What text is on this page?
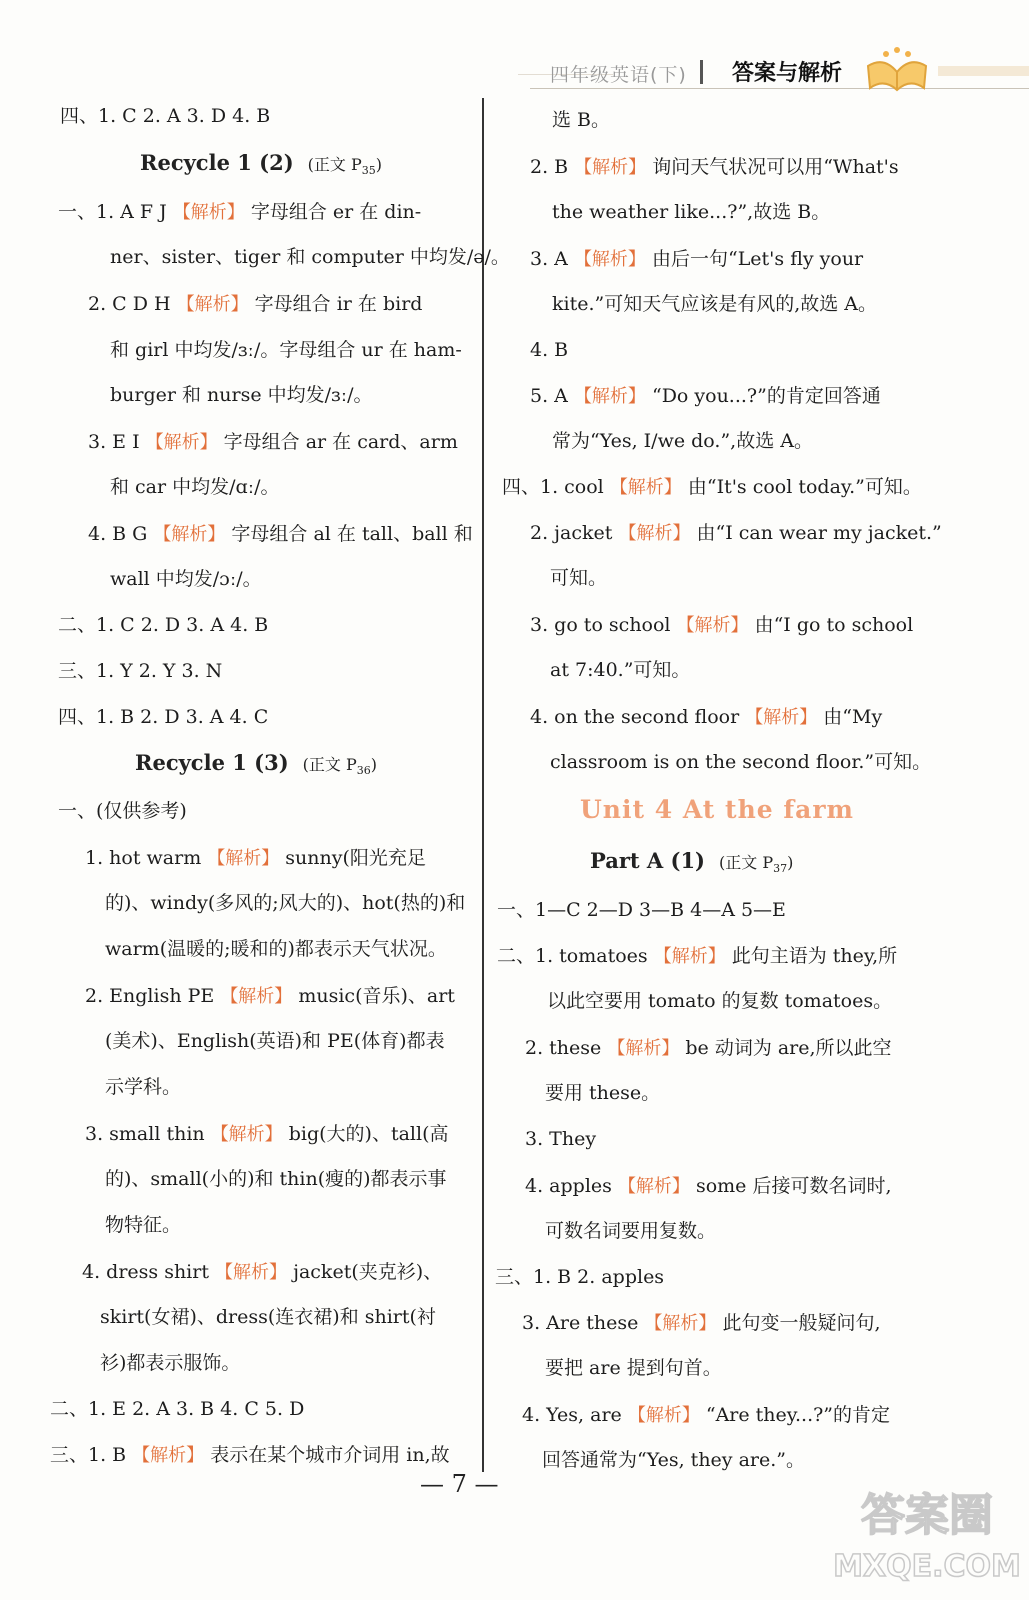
四年级英语(下) 答案与解析
四、1. C 2. A 3. D 4. B
Recycle 1 (2) (正文 $P_{35}$)
一、1. A F J 【解析】 字母组合 er 在 din-
ner、sister、tiger 和 computer 中均发/ə/。
2. C D H 【解析】 字母组合 ir 在 bird
和 girl 中均发/ɜː/。字母组合 ur 在 ham-
burger 和 nurse 中均发/ɜː/。
3. E I 【解析】 字母组合 ar 在 card、arm
和 car 中均发/ɑː/。
4. B G 【解析】 字母组合 al 在 tall、ball 和
wall 中均发/ɔː/。
二、1. C 2. D 3. A 4. B
三、1. Y 2. Y 3. N
四、1. B 2. D 3. A 4. C
Recycle 1 (3) (正文 $P_{36}$)
一、(仅供参考)
1. hot warm 【解析】 sunny(阳光充足
的)、windy(多风的;风大的)、hot(热的)和
warm(温暖的;暖和的)都表示天气状况。
2. English PE 【解析】 music(音乐)、art
(美术)、English(英语)和 PE(体育)都表
示学科。
3. small thin 【解析】 big(大的)、tall(高
的)、small(小的)和 thin(瘦的)都表示事
物特征。
4. dress shirt 【解析】 jacket(夹克衫)、
skirt(女裙)、dress(连衣裙)和 shirt(衬
衫)都表示服饰。
二、1. E 2. A 3. B 4. C 5. D
三、1. B 【解析】 表示在某个城市介词用 in,故
选 B。
2. B 【解析】 询问天气状况可以用“What's
the weather like...?”,故选 B。
3. A 【解析】 由后一句“Let's fly your
kite.”可知天气应该是有风的,故选 A。
4. B
5. A 【解析】 “Do you...?”的肯定回答通
常为“Yes, I/we do.”,故选 A。
四、1. cool 【解析】 由“It's cool today.”可知。
2. jacket 【解析】 由“I can wear my jacket.”
可知。
3. go to school 【解析】 由“I go to school
at 7:40.”可知。
4. on the second floor 【解析】 由“My
classroom is on the second floor.”可知。
Unit 4 At the farm
Part A (1) (正文 $P_{37}$)
一、1—C 2—D 3—B 4—A 5—E
二、1. tomatoes 【解析】 此句主语为 they,所
以此空要用 tomato 的复数 tomatoes。
2. these 【解析】 be 动词为 are,所以此空
要用 these。
3. They
4. apples 【解析】 some 后接可数名词时,
可数名词要用复数。
三、1. B 2. apples
3. Are these 【解析】 此句变一般疑问句,
要把 are 提到句首。
4. Yes, are 【解析】 “Are they...?”的肯定
回答通常为“Yes, they are.”。
— 7 —
答案圈
MXQE.COM
